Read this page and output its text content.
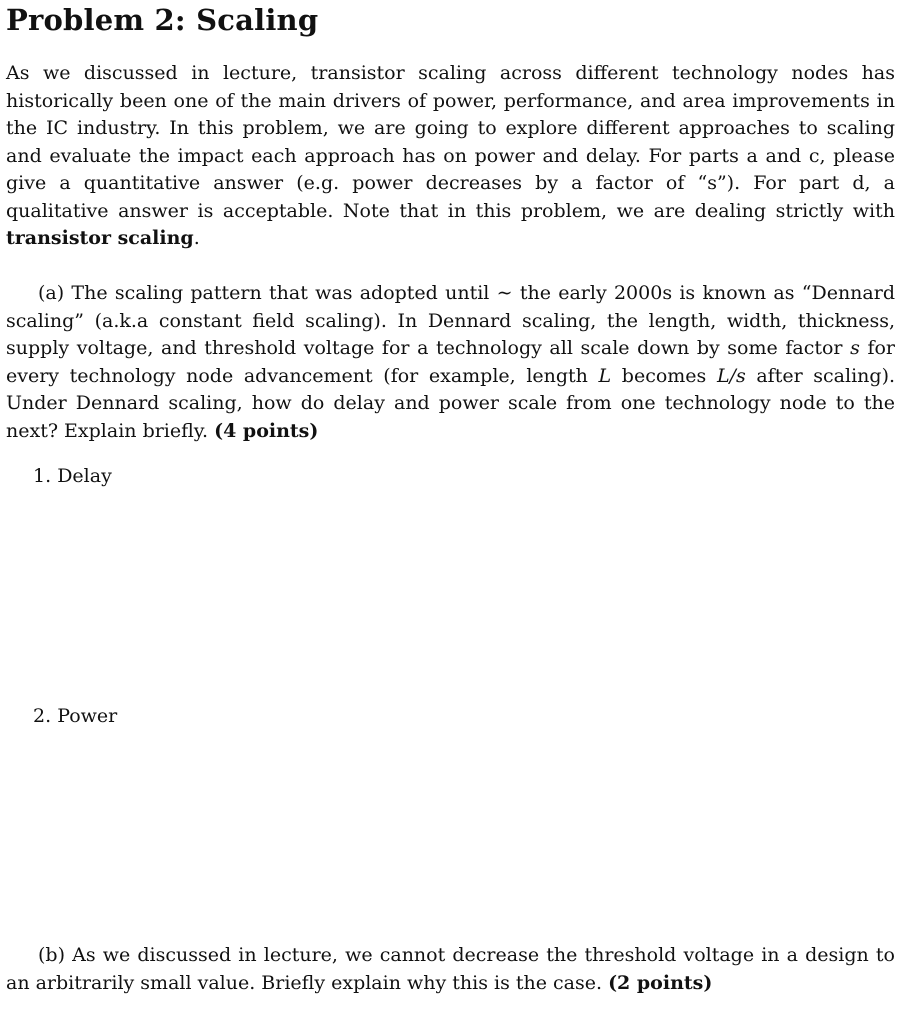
Problem 2: Scaling
As we discussed in lecture, transistor scaling across different technology nodes has historically been one of the main drivers of power, performance, and area improvements in the IC industry. In this problem, we are going to explore different approaches to scaling and evaluate the impact each approach has on power and delay. For parts a and c, please give a quantitative answer (e.g. power decreases by a factor of “s”). For part d, a qualitative answer is acceptable. Note that in this problem, we are dealing strictly with transistor scaling.
(a) The scaling pattern that was adopted until ∼ the early 2000s is known as “Dennard scaling” (a.k.a constant field scaling). In Dennard scaling, the length, width, thickness, supply voltage, and threshold voltage for a technology all scale down by some factor s for every technology node advancement (for example, length L becomes L/s after scaling). Under Dennard scaling, how do delay and power scale from one technology node to the next? Explain briefly. (4 points)
1. Delay
2. Power
(b) As we discussed in lecture, we cannot decrease the threshold voltage in a design to an arbitrarily small value. Briefly explain why this is the case. (2 points)
